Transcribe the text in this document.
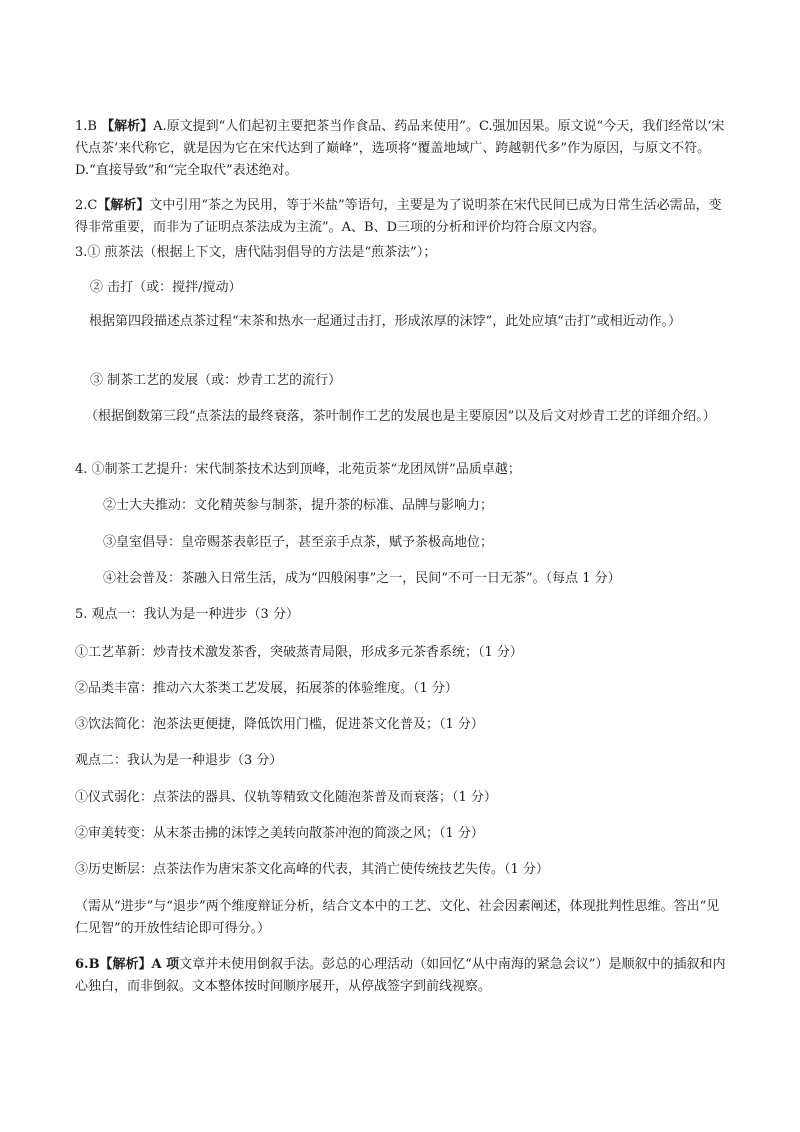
1.B 【解析】A.原文提到“人们起初主要把茶当作食品、药品来使用”。C.强加因果。原文说“今天，我们经常以‘宋代点茶’来代称它，就是因为它在宋代达到了巅峰”，选项将“覆盖地域广、跨越朝代多”作为原因，与原文不符。D.“直接导致”和“完全取代”表述绝对。

2.C【解析】文中引用“茶之为民用，等于米盐”等语句，主要是为了说明茶在宋代民间已成为日常生活必需品，变得非常重要，而非为了证明点茶法成为主流”。A、B、D三项的分析和评价均符合原文内容。

3.① 煎茶法（根据上下文，唐代陆羽倡导的方法是“煎茶法”）；

② 击打（或：搅拌/搅动）

根据第四段描述点茶过程“末茶和热水一起通过击打，形成浓厚的沫饽”，此处应填“击打”或相近动作。）

③ 制茶工艺的发展（或：炒青工艺的流行）

（根据倒数第三段“点茶法的最终衰落，茶叶制作工艺的发展也是主要原因”以及后文对炒青工艺的详细介绍。）

4. ①制茶工艺提升：宋代制茶技术达到顶峰，北苑贡茶“龙团凤饼”品质卓越；

②士大夫推动：文化精英参与制茶，提升茶的标准、品牌与影响力；

③皇室倡导：皇帝赐茶表彰臣子，甚至亲手点茶，赋予茶极高地位；

④社会普及：茶融入日常生活，成为“四般闲事”之一，民间“不可一日无茶”。（每点 1 分）

5. 观点一：我认为是一种进步（3 分）

①工艺革新：炒青技术激发茶香，突破蒸青局限，形成多元茶香系统；（1 分）

②品类丰富：推动六大茶类工艺发展，拓展茶的体验维度。（1 分）

③饮法简化：泡茶法更便捷，降低饮用门槛，促进茶文化普及；（1 分）

观点二：我认为是一种退步（3 分）

①仪式弱化：点茶法的器具、仪轨等精致文化随泡茶普及而衰落；（1 分）

②审美转变：从末茶击拂的沫饽之美转向散茶冲泡的简淡之风；（1 分）

③历史断层：点茶法作为唐宋茶文化高峰的代表，其消亡使传统技艺失传。（1 分）

（需从“进步”与“退步”两个维度辩证分析，结合文本中的工艺、文化、社会因素阐述，体现批判性思维。答出“见仁见智”的开放性结论即可得分。）

6.B【解析】A 项文章并未使用倒叙手法。彭总的心理活动（如回忆“从中南海的紧急会议”）是顺叙中的插叙和内心独白，而非倒叙。文本整体按时间顺序展开，从停战签字到前线视察。
